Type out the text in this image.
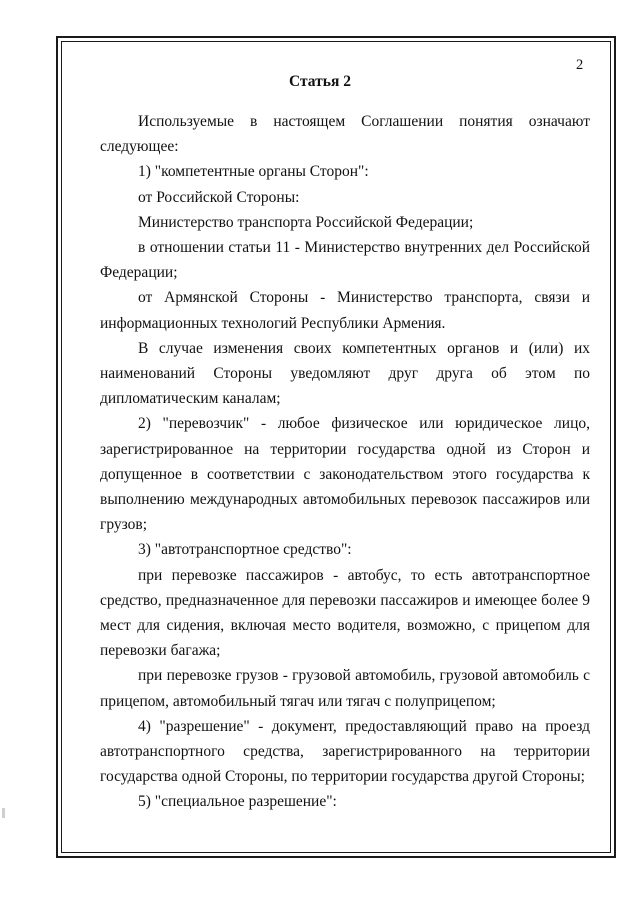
2
Статья 2

Используемые в настоящем Соглашении понятия означают следующее:

1) "компетентные органы Сторон":

от Российской Стороны:

Министерство транспорта Российской Федерации;

в отношении статьи 11 - Министерство внутренних дел Российской Федерации;

от Армянской Стороны - Министерство транспорта, связи и информационных технологий Республики Армения.

В случае изменения своих компетентных органов и (или) их наименований Стороны уведомляют друг друга об этом по дипломатическим каналам;

2) "перевозчик" - любое физическое или юридическое лицо, зарегистрированное на территории государства одной из Сторон и допущенное в соответствии с законодательством этого государства к выполнению международных автомобильных перевозок пассажиров или грузов;

3) "автотранспортное средство":

при перевозке пассажиров - автобус, то есть автотранспортное средство, предназначенное для перевозки пассажиров и имеющее более 9 мест для сидения, включая место водителя, возможно, с прицепом для перевозки багажа;

при перевозке грузов - грузовой автомобиль, грузовой автомобиль с прицепом, автомобильный тягач или тягач с полуприцепом;

4) "разрешение" - документ, предоставляющий право на проезд автотранспортного средства, зарегистрированного на территории государства одной Стороны, по территории государства другой Стороны;

5) "специальное разрешение":
